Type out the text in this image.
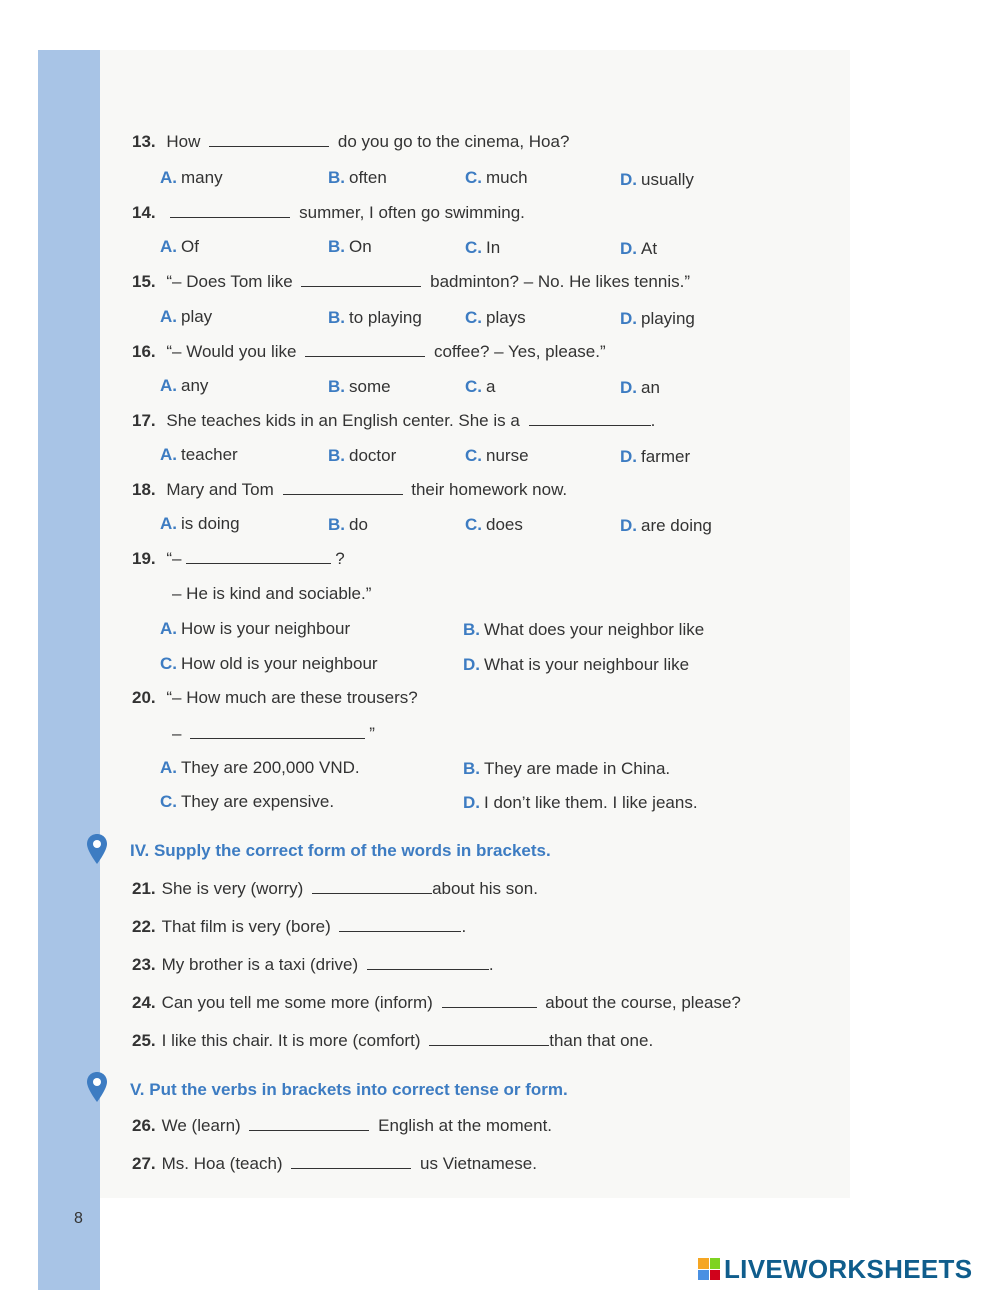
13. How	do you go to the cinema, Hoa?
A. many	B. often	C. much	D. usually
14.	summer, I often go swimming.
A. Of	B. On	C. In	D. At
15. “– Does Tom like	badminton? – No. He likes tennis.”
A. play	B. to playing	C. plays	D. playing
16. “– Would you like	coffee? – Yes, please.”
A. any	B. some	C. a	D. an
17. She teaches kids in an English center. She is a	.
A. teacher	B. doctor	C. nurse	D. farmer
18. Mary and Tom	their homework now.
A. is doing	B. do	C. does	D. are doing
19. “–	?
– He is kind and sociable.”
A. How is your neighbour	B. What does your neighbor like
C. How old is your neighbour	D. What is your neighbour like
20. “– How much are these trousers?
–	”
A. They are 200,000 VND.	B. They are made in China.
C. They are expensive.	D. I don’t like them. I like jeans.
IV. Supply the correct form of the words in brackets.
21. She is very (worry)	about his son.
22. That film is very (bore)	.
23. My brother is a taxi (drive)	.
24. Can you tell me some more (inform)	about the course, please?
25. I like this chair. It is more (comfort)	than that one.
V. Put the verbs in brackets into correct tense or form.
26. We (learn)	English at the moment.
27. Ms. Hoa (teach)	us Vietnamese.
8
LIVEWORKSHEETS
